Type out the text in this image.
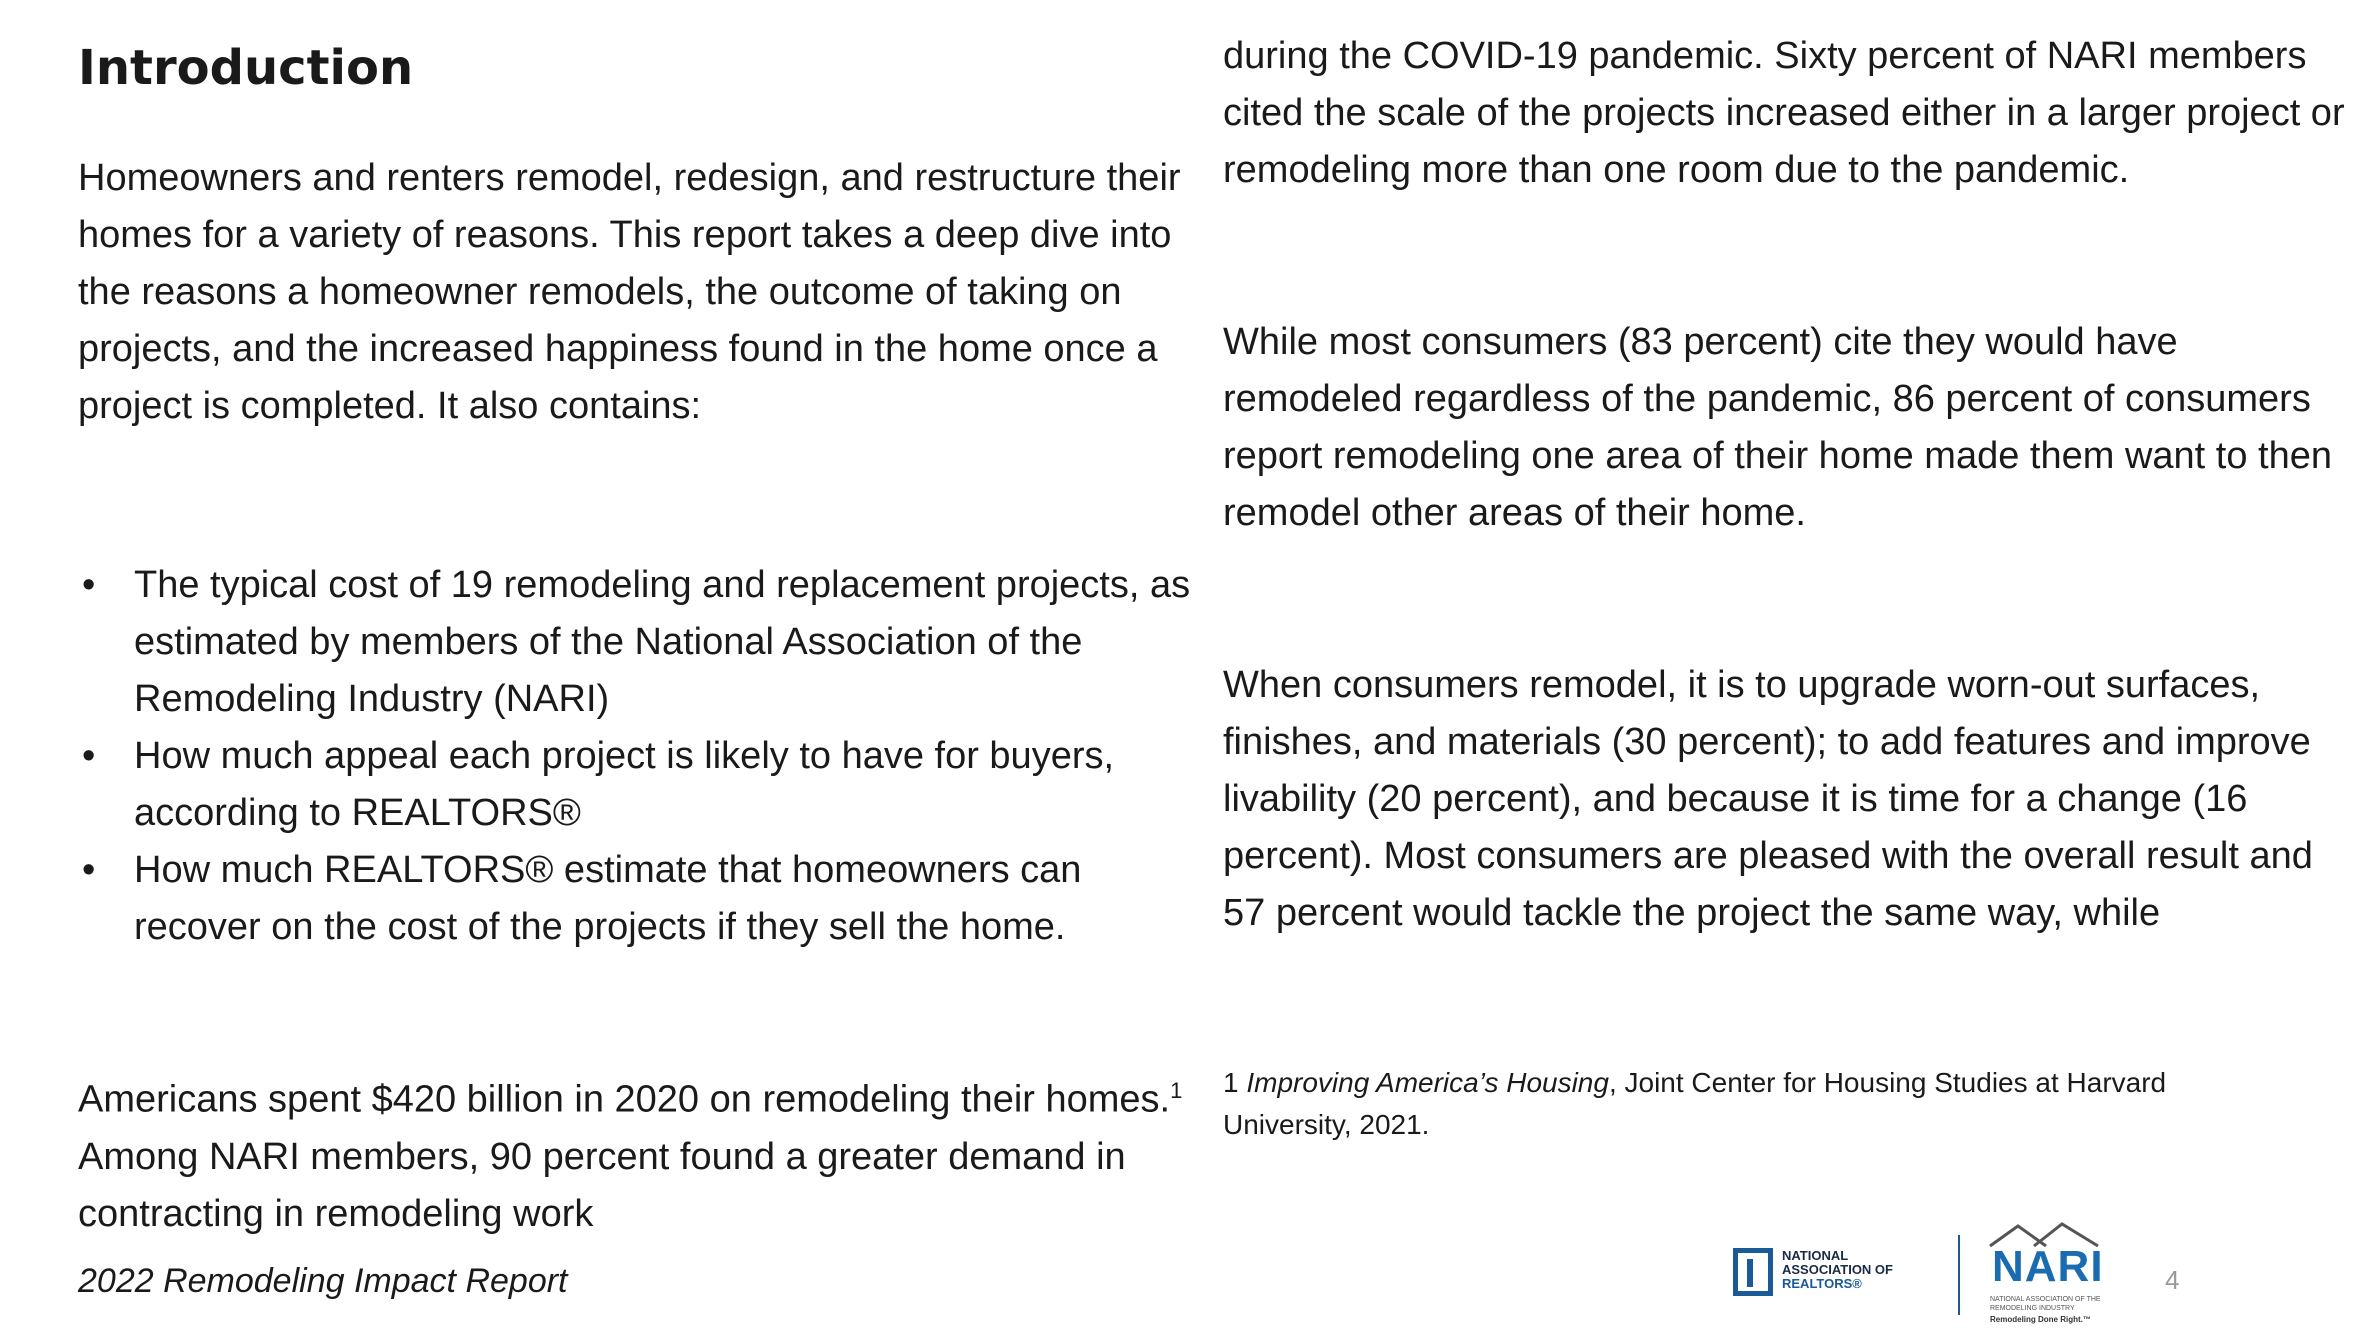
Introduction

Homeowners and renters remodel, redesign, and restructure their homes for a variety of reasons. This report takes a deep dive into the reasons a homeowner remodels, the outcome of taking on projects, and the increased happiness found in the home once a project is completed. It also contains:

• The typical cost of 19 remodeling and replacement projects, as estimated by members of the National Association of the Remodeling Industry (NARI)
• How much appeal each project is likely to have for buyers, according to REALTORS®
• How much REALTORS® estimate that homeowners can recover on the cost of the projects if they sell the home.

Americans spent $420 billion in 2020 on remodeling their homes.$^1$ Among NARI members, 90 percent found a greater demand in contracting in remodeling work

during the COVID-19 pandemic. Sixty percent of NARI members cited the scale of the projects increased either in a larger project or remodeling more than one room due to the pandemic.

While most consumers (83 percent) cite they would have remodeled regardless of the pandemic, 86 percent of consumers report remodeling one area of their home made them want to then remodel other areas of their home.

When consumers remodel, it is to upgrade worn-out surfaces, finishes, and materials (30 percent); to add features and improve livability (20 percent), and because it is time for a change (16 percent). Most consumers are pleased with the overall result and 57 percent would tackle the project the same way, while

1 Improving America’s Housing, Joint Center for Housing Studies at Harvard University, 2021.

2022 Remodeling Impact Report

NATIONAL
ASSOCIATION OF
REALTORS®	NARI
NATIONAL ASSOCIATION OF THE REMODELING INDUSTRY
Remodeling Done Right.™
4
